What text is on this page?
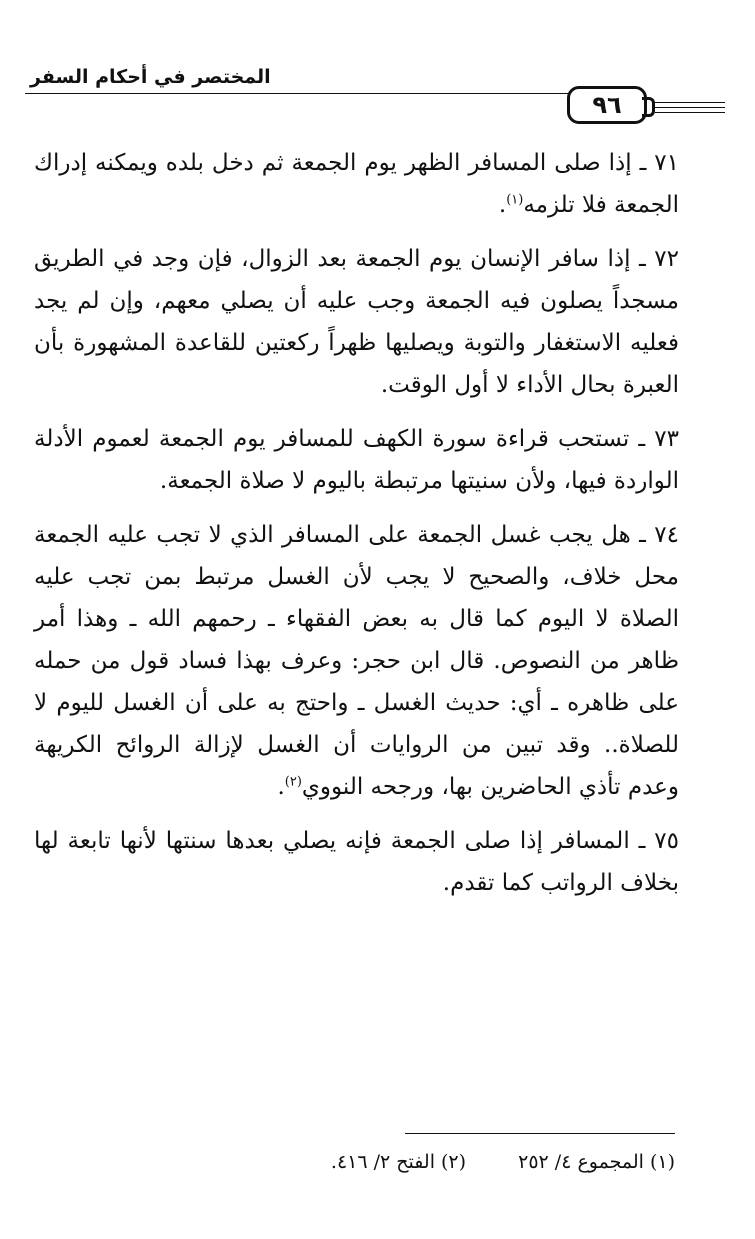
المختصر في أحكام السفر
٩٦

٧١ ـ إذا صلى المسافر الظهر يوم الجمعة ثم دخل بلده ويمكنه إدراك الجمعة فلا تلزمه$^{(١)}$.

٧٢ ـ إذا سافر الإنسان يوم الجمعة بعد الزوال، فإن وجد في الطريق مسجداً يصلون فيه الجمعة وجب عليه أن يصلي معهم، وإن لم يجد فعليه الاستغفار والتوبة ويصليها ظهراً ركعتين للقاعدة المشهورة بأن العبرة بحال الأداء لا أول الوقت.

٧٣ ـ تستحب قراءة سورة الكهف للمسافر يوم الجمعة لعموم الأدلة الواردة فيها، ولأن سنيتها مرتبطة باليوم لا صلاة الجمعة.

٧٤ ـ هل يجب غسل الجمعة على المسافر الذي لا تجب عليه الجمعة محل خلاف، والصحيح لا يجب لأن الغسل مرتبط بمن تجب عليه الصلاة لا اليوم كما قال به بعض الفقهاء ـ رحمهم الله ـ وهذا أمر ظاهر من النصوص. قال ابن حجر: وعرف بهذا فساد قول من حمله على ظاهره ـ أي: حديث الغسل ـ واحتج به على أن الغسل لليوم لا للصلاة.. وقد تبين من الروايات أن الغسل لإزالة الروائح الكريهة وعدم تأذي الحاضرين بها، ورجحه النووي$^{(٢)}$.

٧٥ ـ المسافر إذا صلى الجمعة فإنه يصلي بعدها سنتها لأنها تابعة لها بخلاف الرواتب كما تقدم.

(١) المجموع ٤/ ٢٥٢ (٢) الفتح ٢/ ٤١٦.
